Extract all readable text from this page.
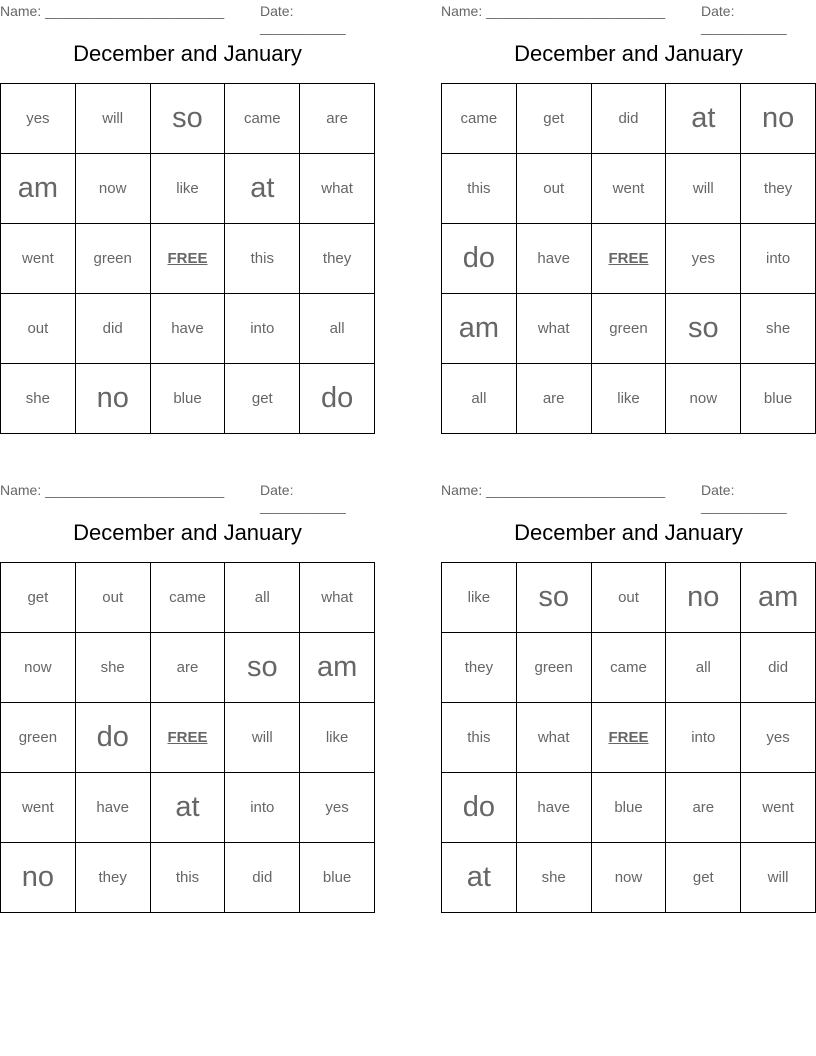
Name: _______________________	Date: ___________
December and January
yes	will	so	came	are
am	now	like	at	what
went	green	FREE	this	they
out	did	have	into	all
she	no	blue	get	do
Name: _______________________	Date: ___________
December and January
came	get	did	at	no
this	out	went	will	they
do	have	FREE	yes	into
am	what	green	so	she
all	are	like	now	blue
Name: _______________________	Date: ___________
December and January
get	out	came	all	what
now	she	are	so	am
green	do	FREE	will	like
went	have	at	into	yes
no	they	this	did	blue
Name: _______________________	Date: ___________
December and January
like	so	out	no	am
they	green	came	all	did
this	what	FREE	into	yes
do	have	blue	are	went
at	she	now	get	will
